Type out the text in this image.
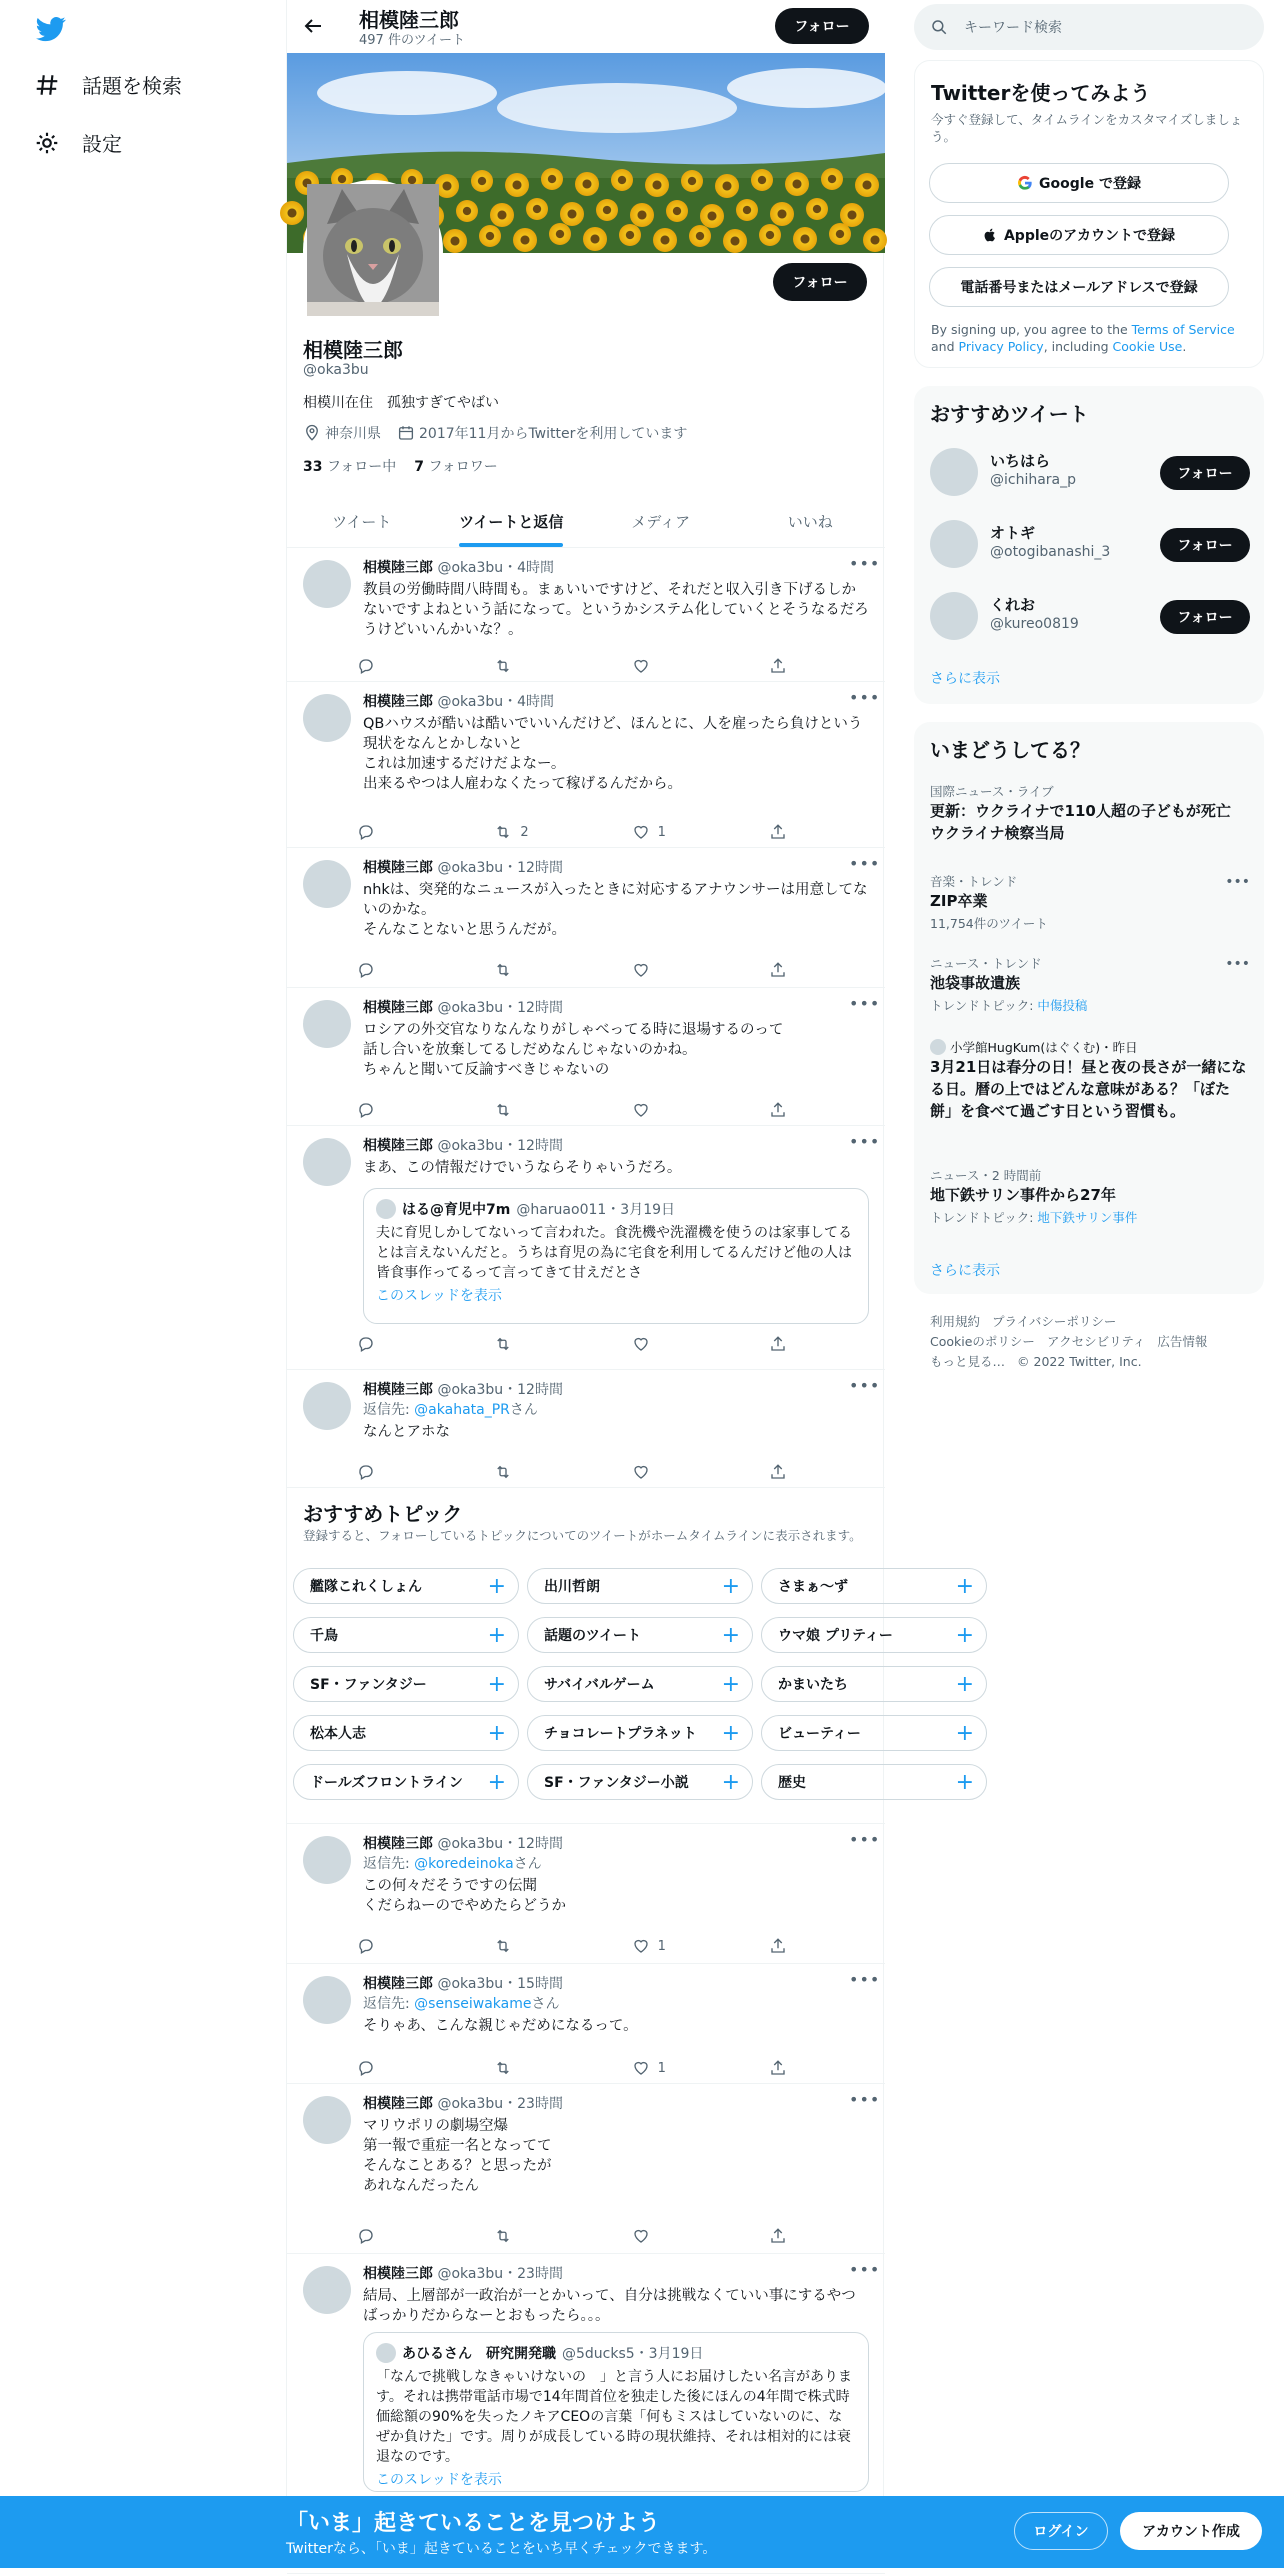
話題を検索
設定
相模陸三郎
497 件のツイート
フォロー
フォロー
相模陸三郎
@oka3bu
相模川在住　孤独すぎてやばい
神奈川県	2017年11月からTwitterを利用しています
33 フォロー中 7 フォロワー
ツイート	ツイートと返信	メディア	いいね
相模陸三郎 @oka3bu・4時間	•••
教員の労働時間八時間も。まぁいいですけど、それだと収入引き下げるしかないですよねという話になって。というかシステム化していくとそうなるだろうけどいいんかいな？。
相模陸三郎 @oka3bu・4時間	•••
QBハウスが酷いは酷いでいいんだけど、ほんとに、人を雇ったら負けという現状をなんとかしないと
これは加速するだけだよなー。
出来るやつは人雇わなくたって稼げるんだから。
2	1
相模陸三郎 @oka3bu・12時間	•••
nhkは、突発的なニュースが入ったときに対応するアナウンサーは用意してないのかな。
そんなことないと思うんだが。
相模陸三郎 @oka3bu・12時間	•••
ロシアの外交官なりなんなりがしゃべってる時に退場するのって
話し合いを放棄してるしだめなんじゃないのかね。
ちゃんと聞いて反論すべきじゃないの
相模陸三郎 @oka3bu・12時間	•••
まあ、この情報だけでいうならそりゃいうだろ。
はる@育児中7m @haruao011・3月19日
夫に育児しかしてないって言われた。食洗機や洗濯機を使うのは家事してるとは言えないんだと。うちは育児の為に宅食を利用してるんだけど他の人は皆食事作ってるって言ってきて甘えだとさ
このスレッドを表示
相模陸三郎 @oka3bu・12時間	•••
返信先: @akahata_PRさん
なんとアホな
相模陸三郎 @oka3bu・12時間	•••
返信先: @koredeinokaさん
この何々だそうですの伝聞
くだらねーのでやめたらどうか
1
相模陸三郎 @oka3bu・15時間	•••
返信先: @senseiwakameさん
そりゃあ、こんな親じゃだめになるって。
1
相模陸三郎 @oka3bu・23時間	•••
マリウポリの劇場空爆
第一報で重症一名となってて
そんなことある？と思ったが
あれなんだったん
相模陸三郎 @oka3bu・23時間	•••
結局、上層部が一政治が一とかいって、自分は挑戦なくていい事にするやつばっかりだからなーとおもったら。。。
あひるさん　研究開発職 @5ducks5・3月19日
「なんで挑戦しなきゃいけないの　」と言う人にお届けしたい名言があります。それは携帯電話市場で14年間首位を独走した後にほんの4年間で株式時価総額の90%を失ったノキアCEOの言葉「何もミスはしていないのに、なぜか負けた」です。周りが成長している時の現状維持、それは相対的には衰退なのです。
このスレッドを表示
おすすめトピック
登録すると、フォローしているトピックについてのツイートがホームタイムラインに表示されます。
艦隊これくしょん	+	出川哲朗	+	さまぁ〜ず	+
千鳥	+	話題のツイート	+	ウマ娘 プリティー	+
SF・ファンタジー	+	サバイバルゲーム	+	かまいたち	+
松本人志	+	チョコレートプラネット +	ビューティー	+
ドールズフロントライン +	SF・ファンタジー小説 +	歴史	+
キーワード検索
Twitterを使ってみよう
今すぐ登録して、タイムラインをカスタマイズしましょう。
Google で登録
Appleのアカウントで登録
電話番号またはメールアドレスで登録
By signing up, you agree to the Terms of Service and Privacy Policy, including Cookie Use.
おすすめツイート
いちはら
@ichihara_p	フォロー
オトギ
@otogibanashi_3	フォロー
くれお
@kureo0819	フォロー
さらに表示
いまどうしてる？
国際ニュース・ライブ
更新：ウクライナで110人超の子どもが死亡 ウクライナ検察当局
音楽・トレンド
ZIP卒業
11,754件のツイート
•••
ニュース・トレンド
池袋事故遺族
トレンドトピック: 中傷投稿
•••
小学館HugKum(はぐくむ)・昨日
3月21日は春分の日！昼と夜の長さが一緒になる日。暦の上ではどんな意味がある？「ぼた餅」を食べて過ごす日という習慣も。
ニュース・2 時間前
地下鉄サリン事件から27年
トレンドトピック: 地下鉄サリン事件
さらに表示
利用規約 プライバシーポリシー
Cookieのポリシー アクセシビリティ 広告情報
もっと見る… © 2022 Twitter, Inc.
「いま」起きていることを見つけよう
Twitterなら、「いま」起きていることをいち早くチェックできます。
ログイン	アカウント作成
